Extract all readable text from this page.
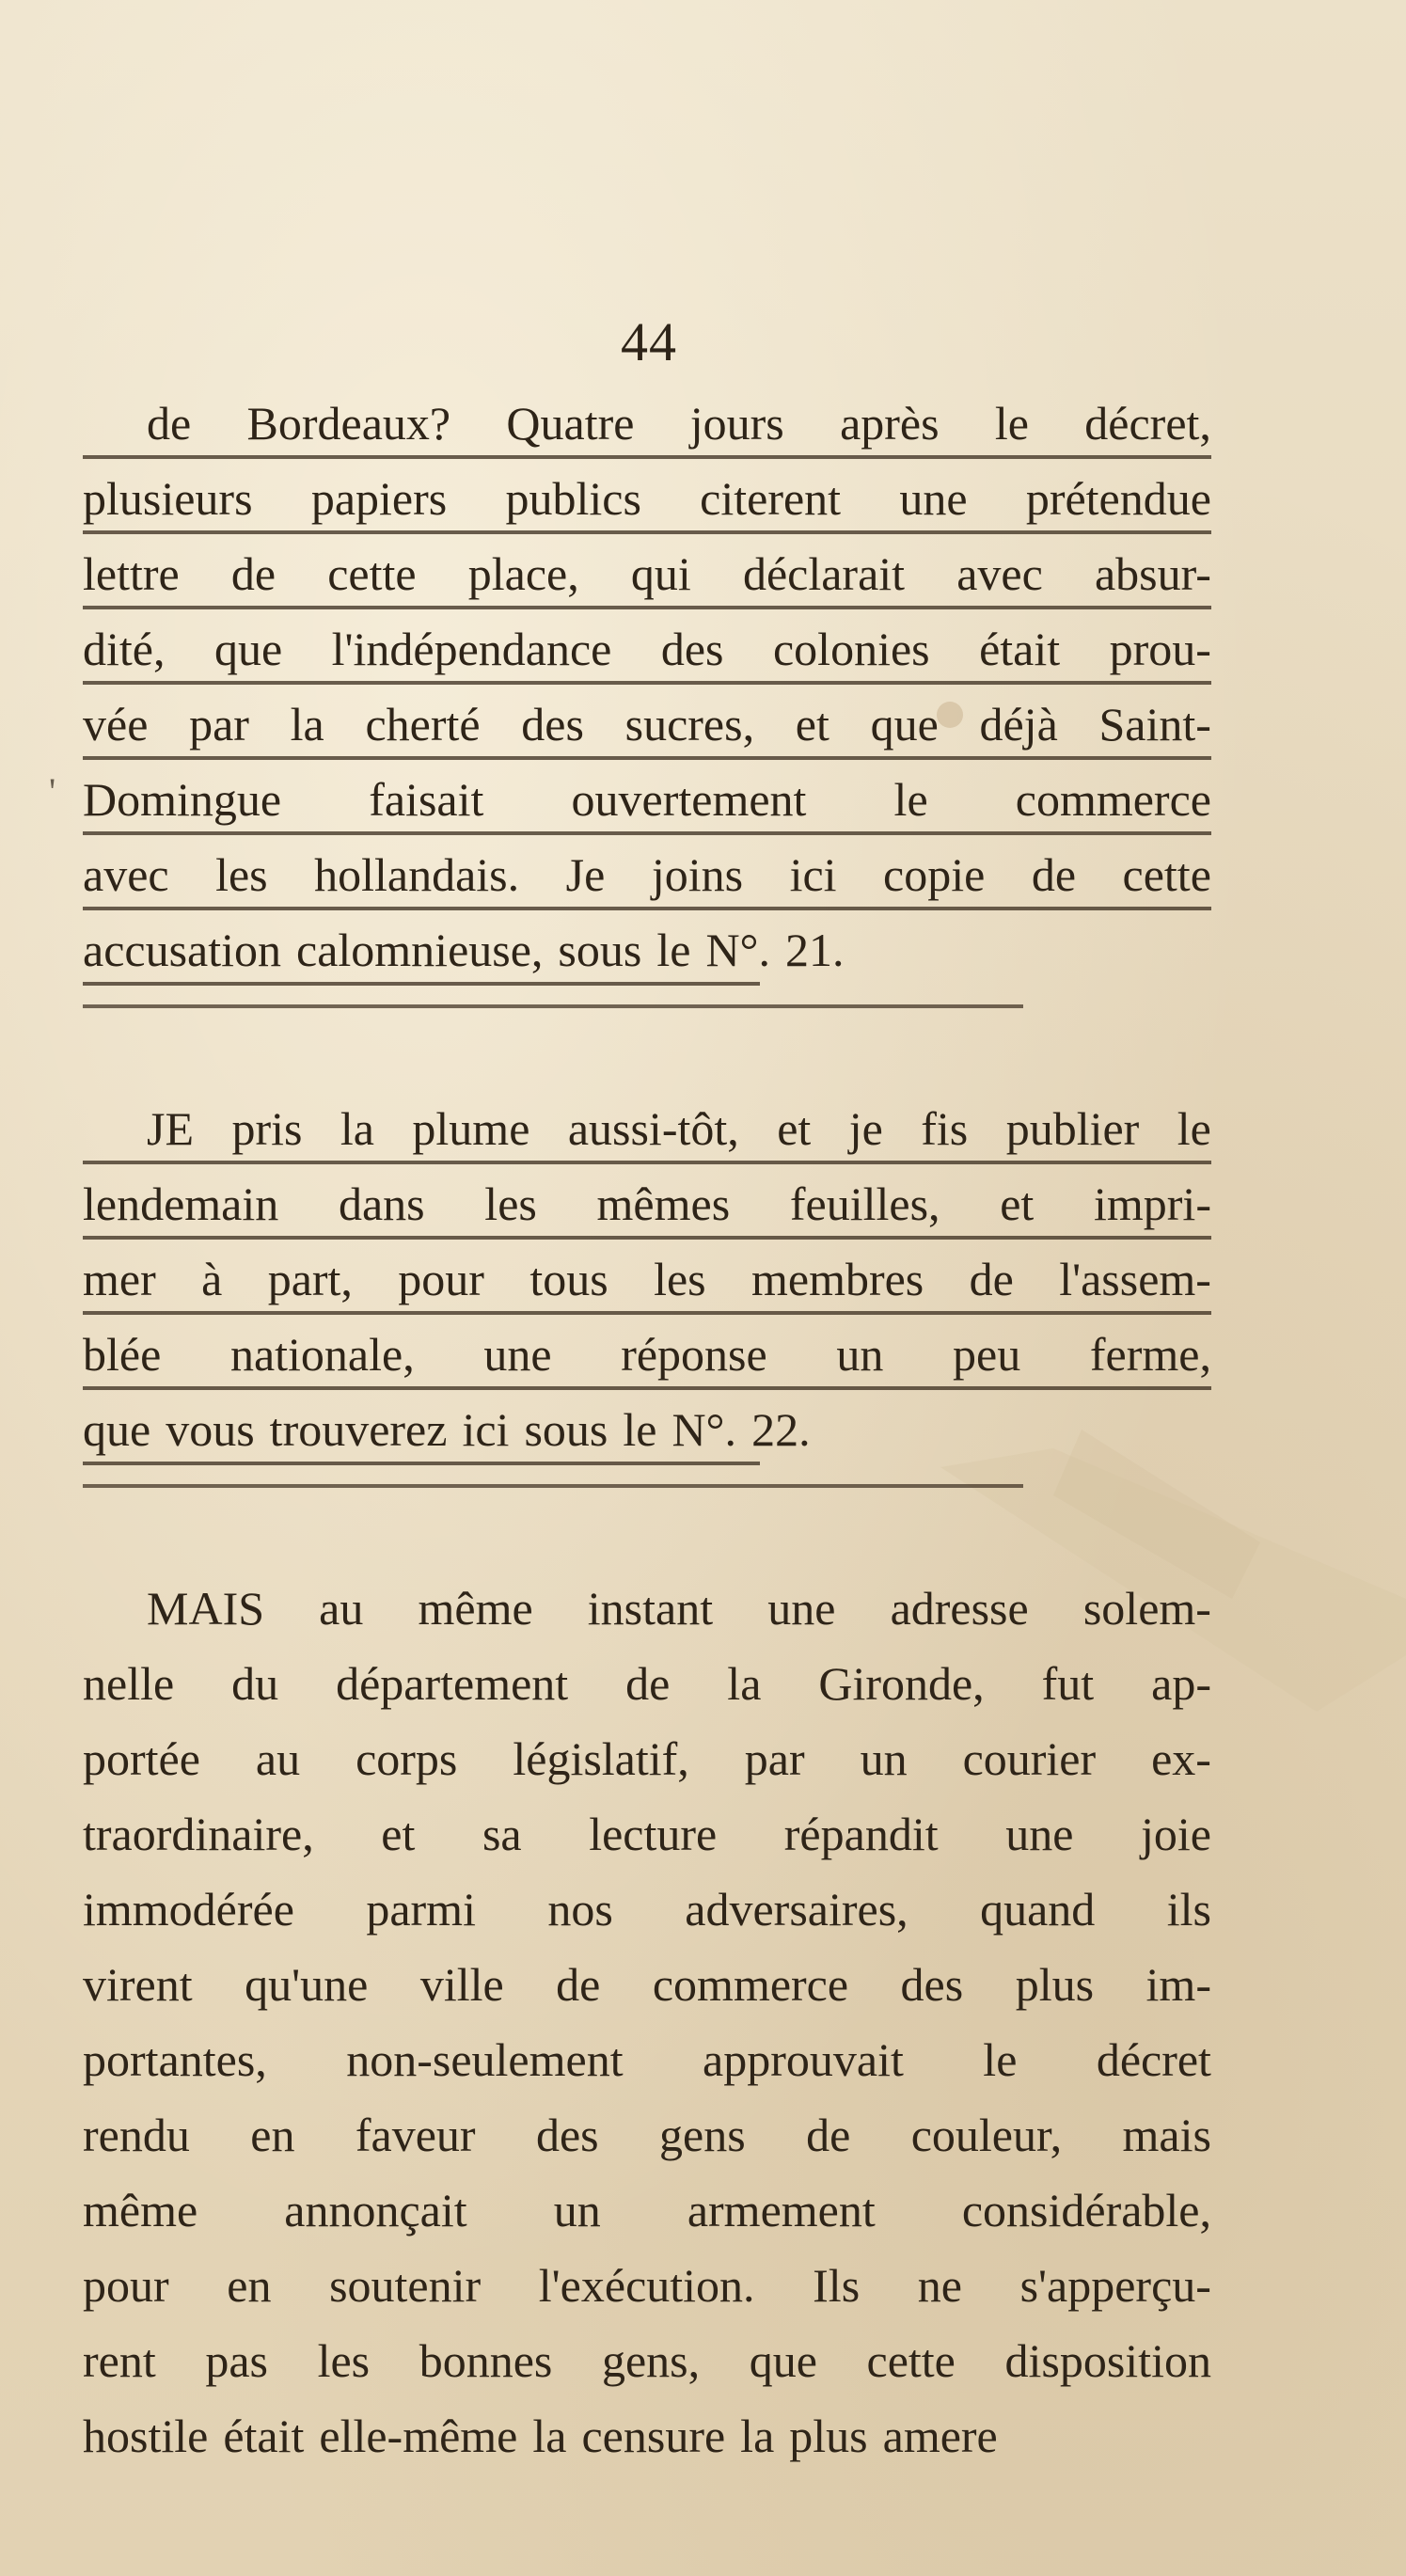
44
'
de Bordeaux? Quatre jours après le décret,
plusieurs papiers publics citerent une prétendue
lettre de cette place, qui déclarait avec absur-
dité, que l'indépendance des colonies était prou-
vée par la cherté des sucres, et que déjà Saint-
Domingue faisait ouvertement le commerce
avec les hollandais. Je joins ici copie de cette
accusation calomnieuse, sous le N°. 21.
JE pris la plume aussi-tôt, et je fis publier le
lendemain dans les mêmes feuilles, et impri-
mer à part, pour tous les membres de l'assem-
blée nationale, une réponse un peu ferme,
que vous trouverez ici sous le N°. 22.
MAIS au même instant une adresse solem-
nelle du département de la Gironde, fut ap-
portée au corps législatif, par un courier ex-
traordinaire, et sa lecture répandit une joie
immodérée parmi nos adversaires, quand ils
virent qu'une ville de commerce des plus im-
portantes, non-seulement approuvait le décret
rendu en faveur des gens de couleur, mais
même annonçait un armement considérable,
pour en soutenir l'exécution. Ils ne s'apperçu-
rent pas les bonnes gens, que cette disposition
hostile était elle-même la censure la plus amere
